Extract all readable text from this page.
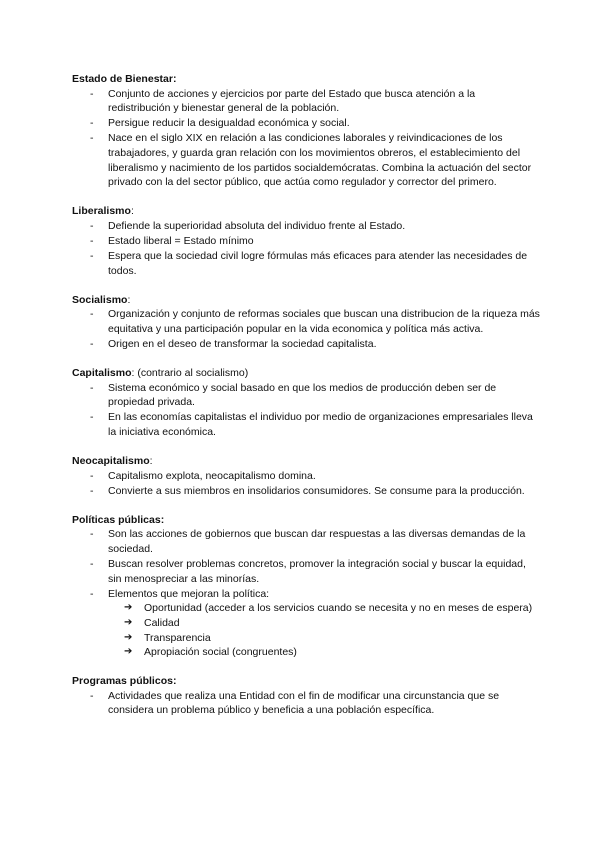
Estado de Bienestar:

- Conjunto de acciones y ejercicios por parte del Estado que busca atención a la redistribución y bienestar general de la población.
- Persigue reducir la desigualdad económica y social.
- Nace en el siglo XIX en relación a las condiciones laborales y reivindicaciones de los trabajadores, y guarda gran relación con los movimientos obreros, el establecimiento del liberalismo y nacimiento de los partidos socialdemócratas. Combina la actuación del sector privado con la del sector público, que actúa como regulador y corrector del primero.

Liberalismo:

- Defiende la superioridad absoluta del individuo frente al Estado.
- Estado liberal = Estado mínimo
- Espera que la sociedad civil logre fórmulas más eficaces para atender las necesidades de todos.

Socialismo:

- Organización y conjunto de reformas sociales que buscan una distribucion de la riqueza más equitativa y una participación popular en la vida economica y política más activa.
- Origen en el deseo de transformar la sociedad capitalista.

Capitalismo: (contrario al socialismo)

- Sistema económico y social basado en que los medios de producción deben ser de propiedad privada.
- En las economías capitalistas el individuo por medio de organizaciones empresariales lleva la iniciativa económica.

Neocapitalismo:

- Capitalismo explota, neocapitalismo domina.
- Convierte a sus miembros en insolidarios consumidores. Se consume para la producción.

Políticas públicas:

- Son las acciones de gobiernos que buscan dar respuestas a las diversas demandas de la sociedad.
- Buscan resolver problemas concretos, promover la integración social y buscar la equidad, sin menospreciar a las minorías.
- Elementos que mejoran la política:
➔ Oportunidad (acceder a los servicios cuando se necesita y no en meses de espera)
➔ Calidad
➔ Transparencia
➔ Apropiación social (congruentes)

Programas públicos:

- Actividades que realiza una Entidad con el fin de modificar una circunstancia que se considera un problema público y beneficia a una población específica.
